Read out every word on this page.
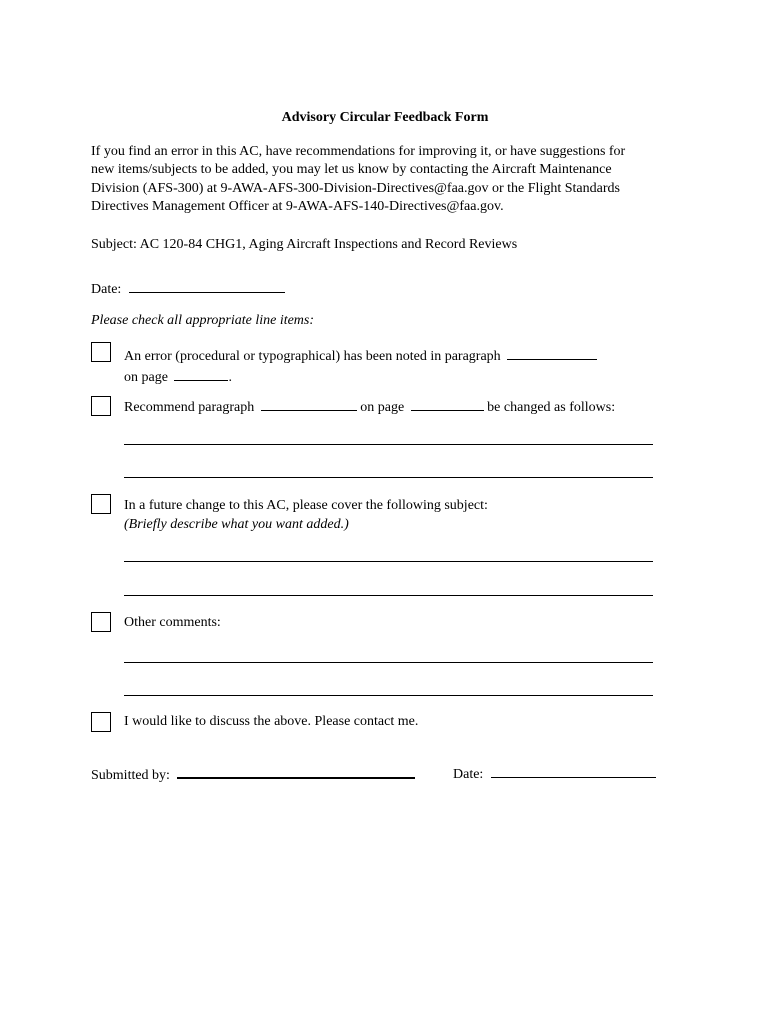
Advisory Circular Feedback Form
If you find an error in this AC, have recommendations for improving it, or have suggestions for
new items/subjects to be added, you may let us know by contacting the Aircraft Maintenance
Division (AFS-300) at 9-AWA-AFS-300-Division-Directives@faa.gov or the Flight Standards
Directives Management Officer at 9-AWA-AFS-140-Directives@faa.gov.
Subject: AC 120-84 CHG1, Aging Aircraft Inspections and Record Reviews
Date:
Please check all appropriate line items:
An error (procedural or typographical) has been noted in paragraph
on page	.
Recommend paragraph	on page	be changed as follows:
In a future change to this AC, please cover the following subject:
(Briefly describe what you want added.)
Other comments:
I would like to discuss the above. Please contact me.
Submitted by:	Date:
